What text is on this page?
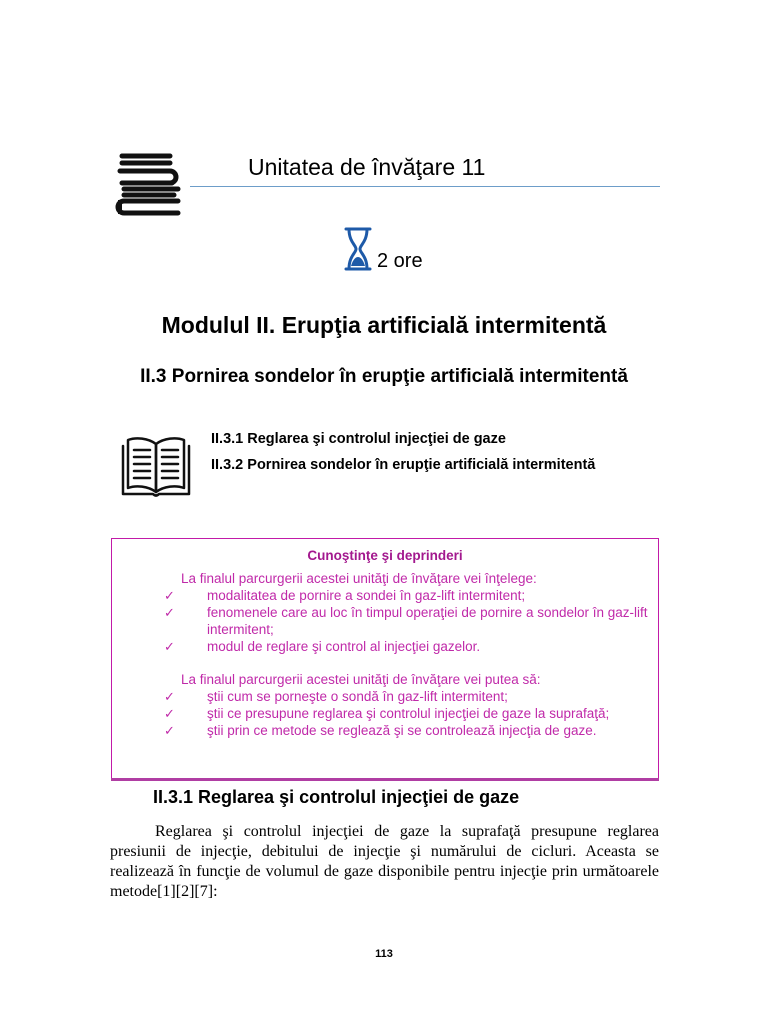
Unitatea de învăţare 11
2 ore
Modulul II. Erupţia artificială intermitentă
II.3 Pornirea sondelor în erupţie artificială intermitentă
II.3.1 Reglarea şi controlul injecţiei de gaze
II.3.2 Pornirea sondelor în erupţie artificială intermitentă
Cunoştinţe şi deprinderi
La finalul parcurgerii acestei unităţi de învăţare vei înţelege:
✓ modalitatea de pornire a sondei în gaz-lift intermitent;
✓ fenomenele care au loc în timpul operaţiei de pornire a sondelor în gaz-lift intermitent;
✓ modul de reglare şi control al injecţiei gazelor.
La finalul parcurgerii acestei unităţi de învăţare vei putea să:
✓ ştii cum se porneşte o sondă în gaz-lift intermitent;
✓ ştii ce presupune reglarea şi controlul injecţiei de gaze la suprafaţă;
✓ ştii prin ce metode se reglează şi se controlează injecţia de gaze.
II.3.1 Reglarea şi controlul injecţiei de gaze
Reglarea şi controlul injecţiei de gaze la suprafaţă presupune reglarea presiunii de injecţie, debitului de injecţie şi numărului de cicluri. Aceasta se realizează în funcţie de volumul de gaze disponibile pentru injecţie prin următoarele metode[1][2][7]:
113
